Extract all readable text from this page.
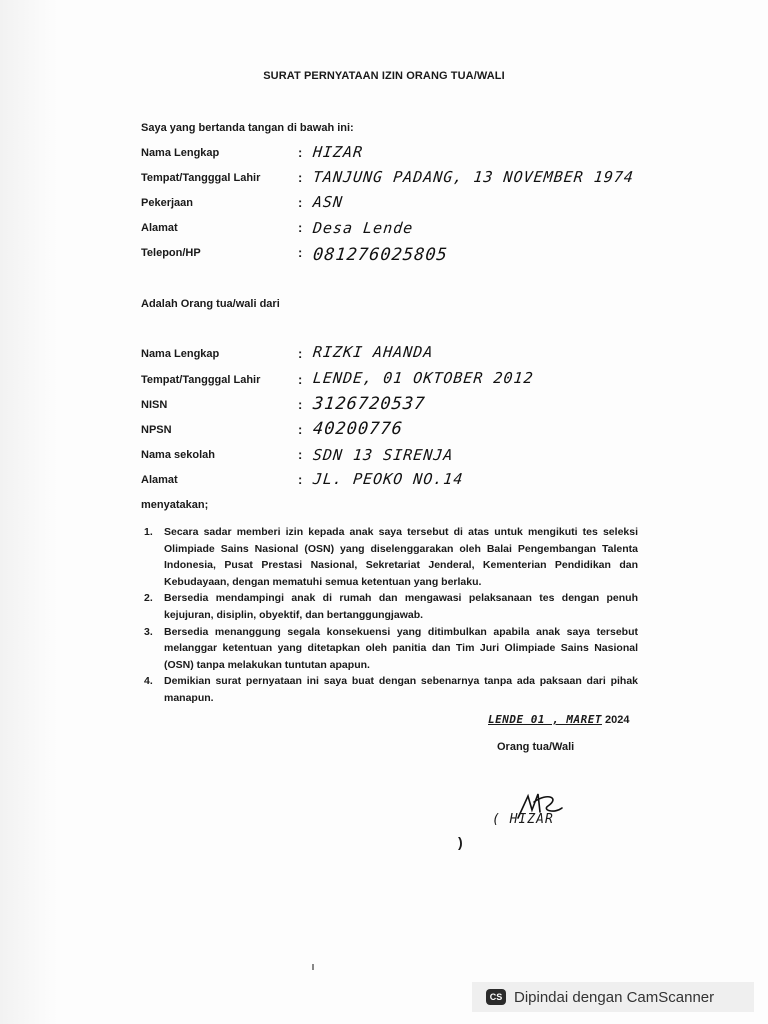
SURAT PERNYATAAN IZIN ORANG TUA/WALI
Saya yang bertanda tangan di bawah ini:
Nama Lengkap	: HIZAR
Tempat/Tangggal Lahir	: TANJUNG PADANG, 13 NOVEMBER 1974
Pekerjaan	: ASN
Alamat	: Desa Lende
Telepon/HP	: 081276025805
Adalah Orang tua/wali dari
Nama Lengkap	: RIZKI AHANDA
Tempat/Tangggal Lahir	: LENDE, 01 OKTOBER 2012
NISN	: 3126720537
NPSN	: 40200776
Nama sekolah	: SDN 13 SIRENJA
Alamat	: JL. PEOKO NO.14
menyatakan;
1. Secara sadar memberi izin kepada anak saya tersebut di atas untuk mengikuti tes seleksi Olimpiade Sains Nasional (OSN) yang diselenggarakan oleh Balai Pengembangan Talenta Indonesia, Pusat Prestasi Nasional, Sekretariat Jenderal, Kementerian Pendidikan dan Kebudayaan, dengan mematuhi semua ketentuan yang berlaku.
2. Bersedia mendampingi anak di rumah dan mengawasi pelaksanaan tes dengan penuh kejujuran, disiplin, obyektif, dan bertanggungjawab.
3. Bersedia menanggung segala konsekuensi yang ditimbulkan apabila anak saya tersebut melanggar ketentuan yang ditetapkan oleh panitia dan Tim Juri Olimpiade Sains Nasional (OSN) tanpa melakukan tuntutan apapun.
4. Demikian surat pernyataan ini saya buat dengan sebenarnya tanpa ada paksaan dari pihak manapun.
LENDE 01 , MARET 2024
Orang tua/Wali
( HIZAR
)
CS Dipindai dengan CamScanner
